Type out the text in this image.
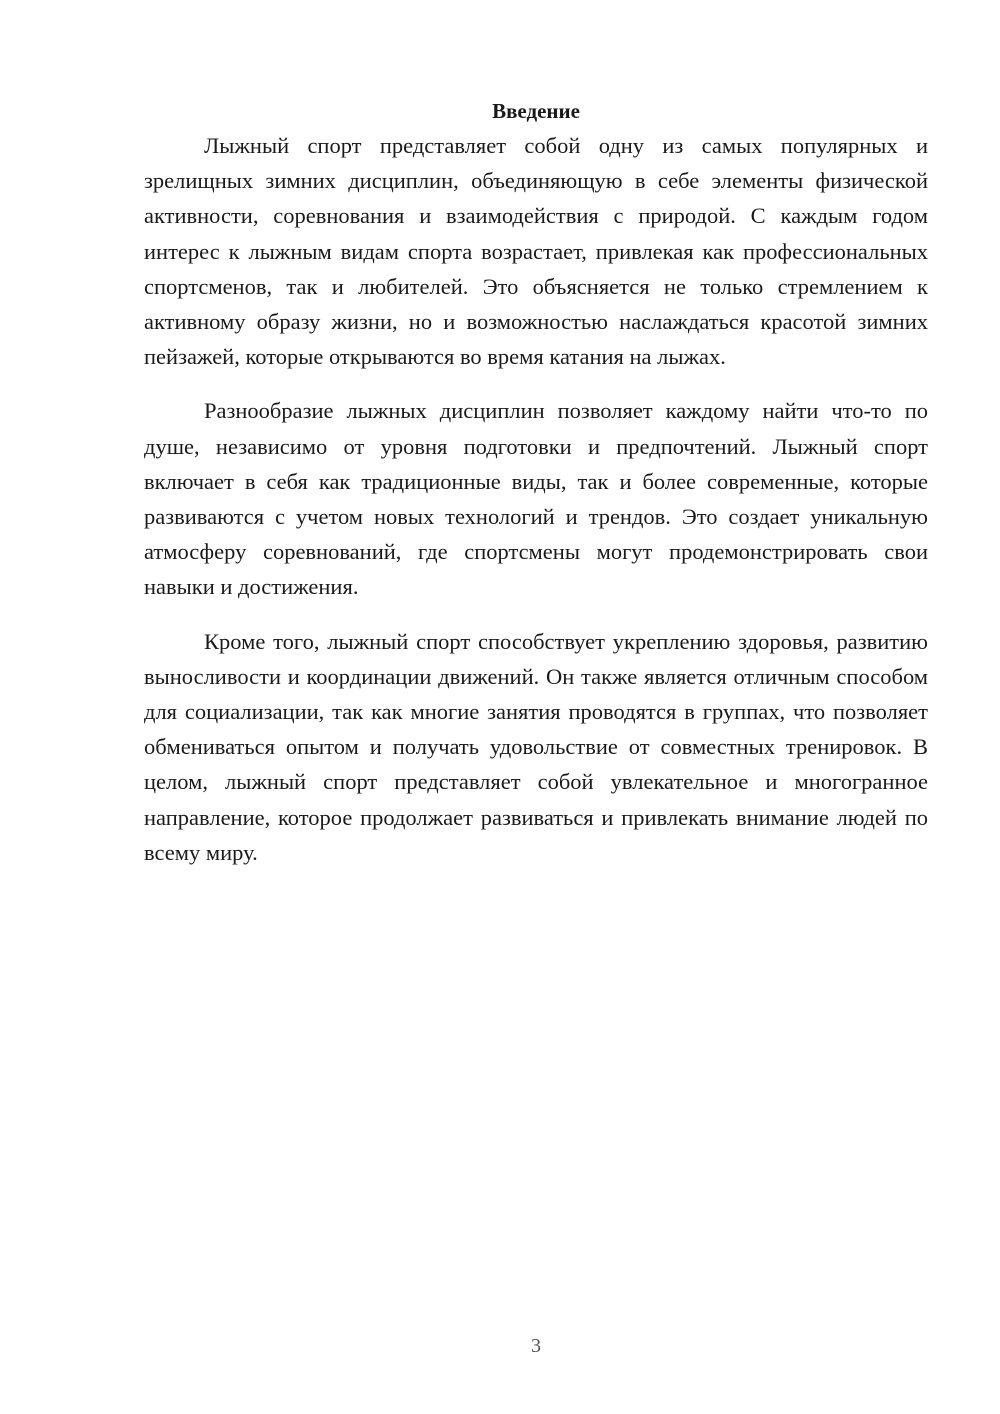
Введение

Лыжный спорт представляет собой одну из самых популярных и зрелищных зимних дисциплин, объединяющую в себе элементы физической активности, соревнования и взаимодействия с природой. С каждым годом интерес к лыжным видам спорта возрастает, привлекая как профессиональных спортсменов, так и любителей. Это объясняется не только стремлением к активному образу жизни, но и возможностью наслаждаться красотой зимних пейзажей, которые открываются во время катания на лыжах.

Разнообразие лыжных дисциплин позволяет каждому найти что-то по душе, независимо от уровня подготовки и предпочтений. Лыжный спорт включает в себя как традиционные виды, так и более современные, которые развиваются с учетом новых технологий и трендов. Это создает уникальную атмосферу соревнований, где спортсмены могут продемонстрировать свои навыки и достижения.

Кроме того, лыжный спорт способствует укреплению здоровья, развитию выносливости и координации движений. Он также является отличным способом для социализации, так как многие занятия проводятся в группах, что позволяет обмениваться опытом и получать удовольствие от совместных тренировок. В целом, лыжный спорт представляет собой увлекательное и многогранное направление, которое продолжает развиваться и привлекать внимание людей по всему миру.

3
